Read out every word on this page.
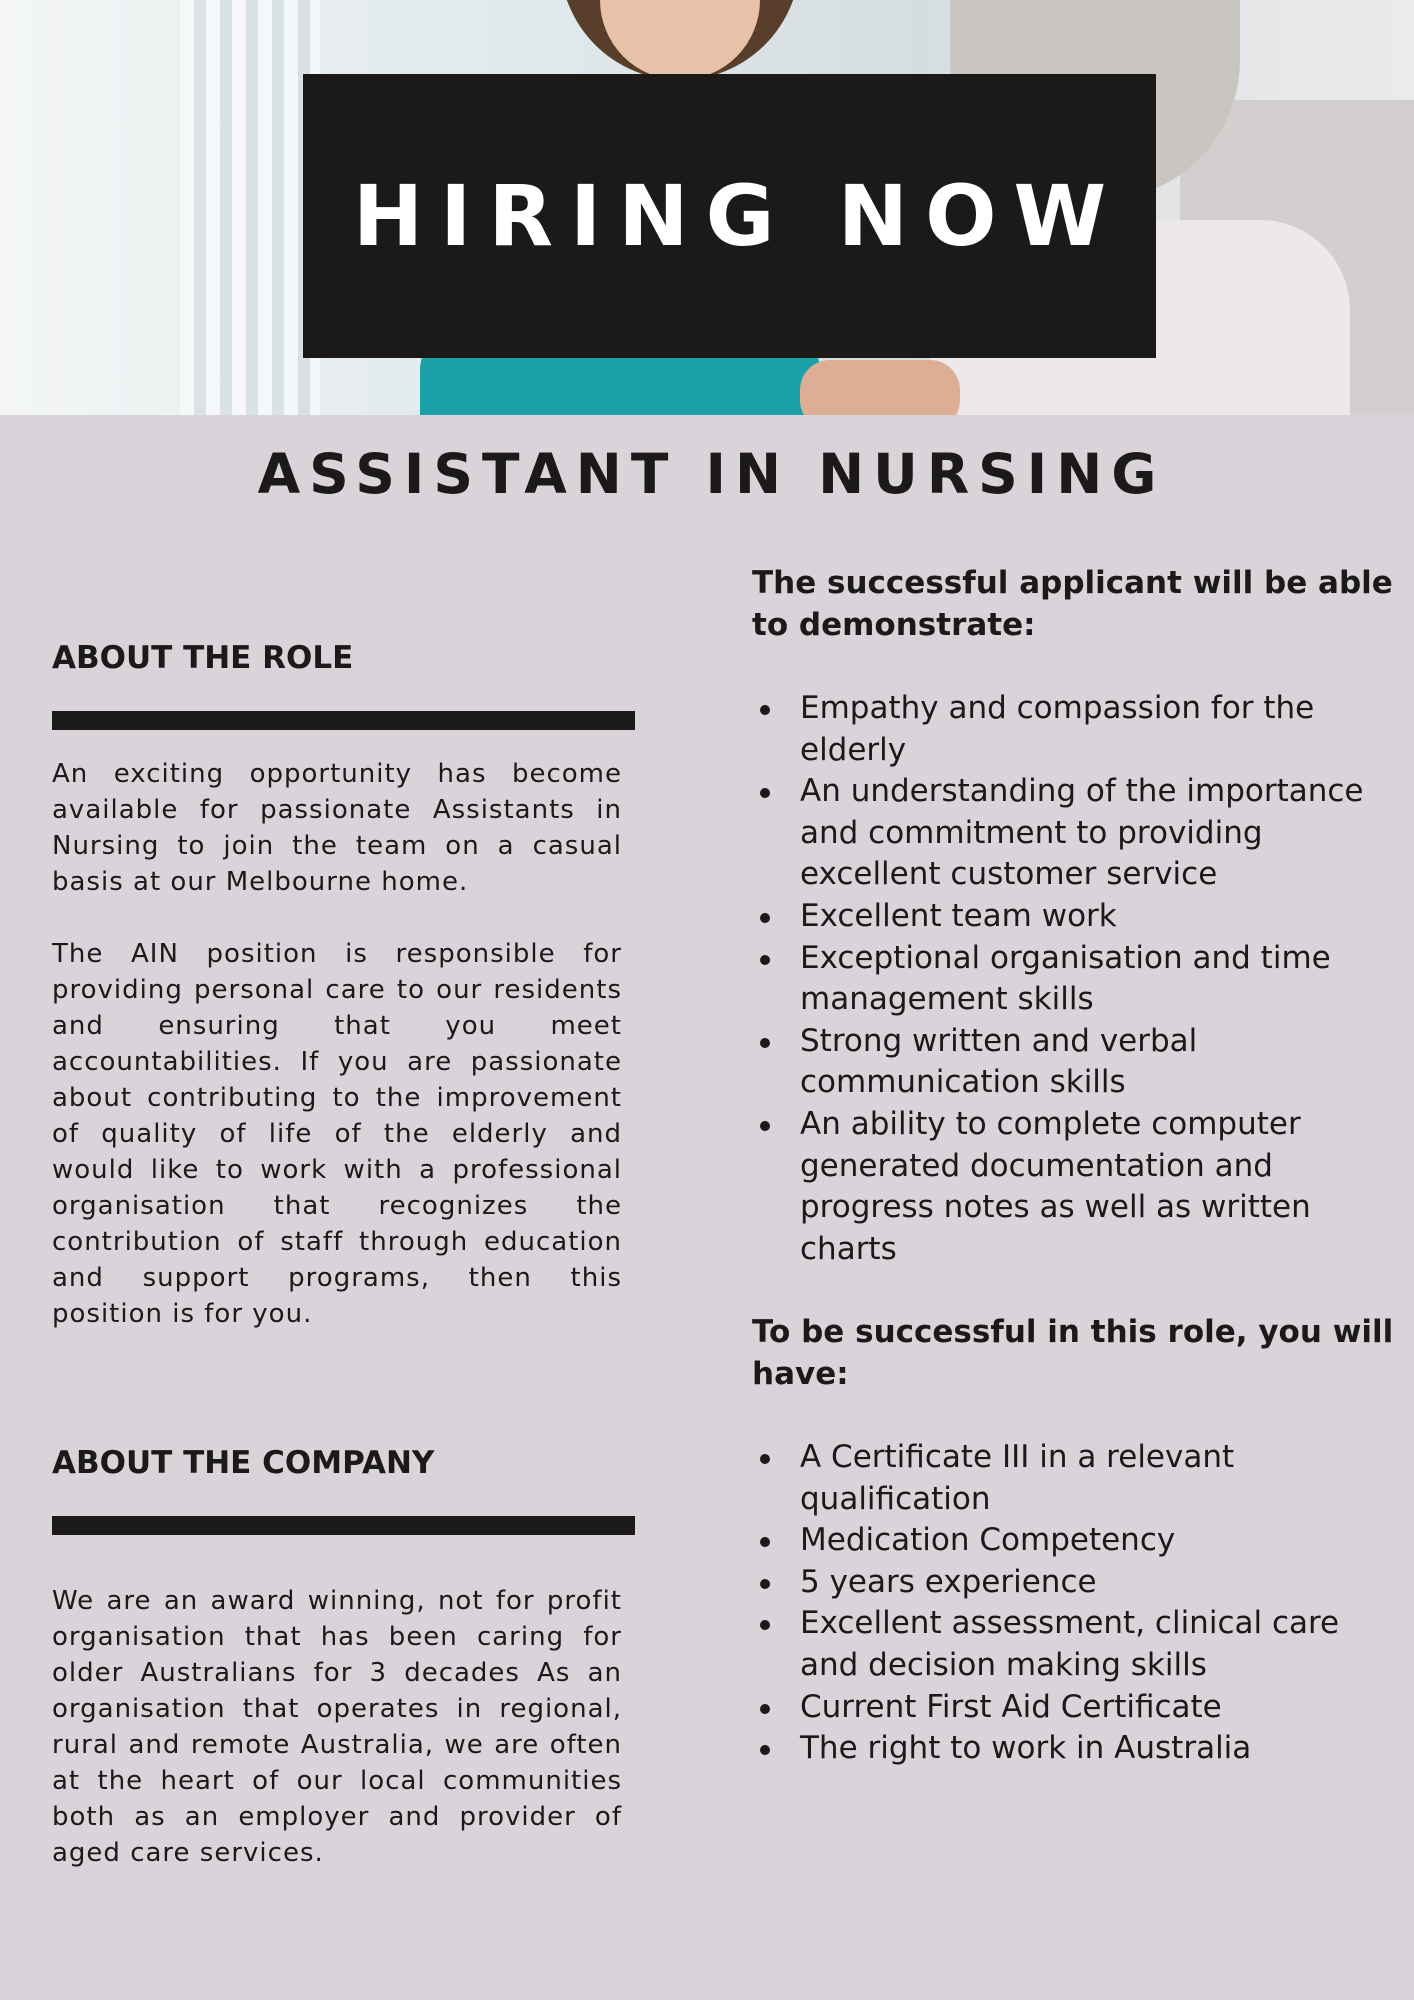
HIRING NOW
ASSISTANT IN NURSING
ABOUT THE ROLE

An exciting opportunity has become available for passionate Assistants in Nursing to join the team on a casual basis at our Melbourne home.

The AIN position is responsible for providing personal care to our residents and ensuring that you meet accountabilities. If you are passionate about contributing to the improvement of quality of life of the elderly and would like to work with a professional organisation that recognizes the contribution of staff through education and support programs, then this position is for you.

ABOUT THE COMPANY

We are an award winning, not for profit organisation that has been caring for older Australians for 3 decades As an organisation that operates in regional, rural and remote Australia, we are often at the heart of our local communities both as an employer and provider of aged care services.

The successful applicant will be able to demonstrate:
Empathy and compassion for the elderly
An understanding of the importance and commitment to providing excellent customer service
Excellent team work
Exceptional organisation and time management skills
Strong written and verbal communication skills
An ability to complete computer generated documentation and progress notes as well as written charts
To be successful in this role, you will have:
A Certificate III in a relevant qualification
Medication Competency
5 years experience
Excellent assessment, clinical care and decision making skills
Current First Aid Certificate
The right to work in Australia
